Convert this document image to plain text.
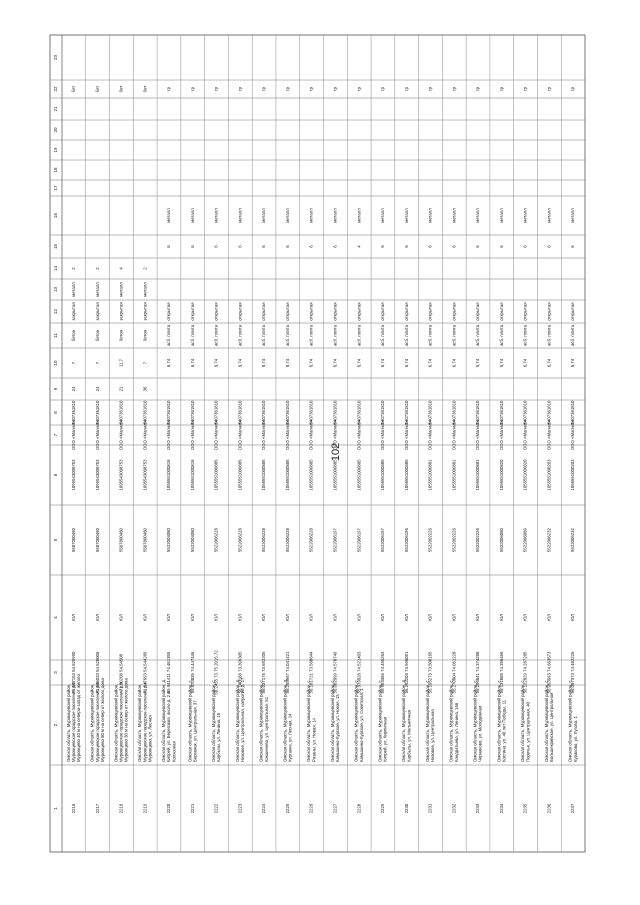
102
1
2
3
4
5
6
7
8
9
10
11
12
13
14
15
16
17
18
19
20
21
22
23
2216
Омская область, Муромцевский район, Муромцевское городское поселение р.п. Муромцево 40 м на северо-запад от жилого
71.567153 54.625990
ЮЛ
5507000460
1095543008753
ООО «Магнит»
5407361810
24
7
бетон
закрытая
металл
2
бет
2217
Омская область, Муромцевский район, Муромцевское городское поселение р.п. Муромцево 80 м на север от жилого дома
71.566033 54.528006
ЮЛ
5507000460
1095543008753
ООО «Магнит»
5407361810
24
7
бетон
закрытая
металл
2
бет
2218
Омская область, Муромцевский район, Муромцевское городское поселение р.п. Муромцево 30 м на север от жилого дома
71.56208 54.54508
ЮЛ
5507000460
1095543008753
ООО «Магнит»
5407361810
21
11,7
бетон
закрытая
металл
4
бет
2219
Омская область, Муромцевский район, Муромцевское городское поселение р.п. Муромцево, ул. Лесная
71.547693 54.544289
ЮЛ
5507000460
1095543008753
ООО «Магнит»
5407361810
36
7
бетон
закрытая
металл
2
бет
2220
Омская область, Муромцевский район, д. Кипрей, ул. Береговая, около д. 2 и Колхозная
55.941411 74.461355
ЮЛ
5522004080
1055551000818
ООО «Магнит»
5407361810
6,74
асб. плита
открытая
6
металл
гр
2221
Омская область, Муромцевский район, с. Бергамак, ул. Центральная, 37
55.870835 74.447446
ЮЛ
5522004080
1055551000818
ООО «Магнит»
5407361810
6,74
асб. плита
открытая
6
металл
гр
2222
Омская область, Муромцевский район, с. Карбызы, ул. Ленина, 15
56.2455 73.75 2015.72
ЮЛ
5522006228
1055551000885
ООО «Магнит»
5407361810
6,74
асб. плита
открытая
6
металл
гр
2223
Омская область, Муромцевский район, д. Низовое, ул. Центральная, напротив д. 17
56.140188 73.399305
ЮЛ
5522006228
1055551000885
ООО «Магнит»
5407361810
6,74
асб. плита
открытая
6
металл
гр
2224
Омская область, Муромцевский район, с. Кокшенево, ул. Центральная, 51
56.037175 73.692205
ЮЛ
5522006228
1055551000885
ООО «Магнит»
5407361810
6,74
асб. плита
открытая
6
металл
гр
2225
Омская область, Муромцевский район, д. Курганка, ул. Лесная, 14
56.253967 74.041421
ЮЛ
5522006228
1055551000885
ООО «Магнит»
5407361810
6,74
асб. плита
открытая
6
металл
гр
2226
Омская область, Муромцевский район, с. Рязаны, ул. Новая, 1А
56.181721 73.560644
ЮЛ
5522006228
1055551000885
ООО «Магнит»
5407361810
6,74
асб. плита
открытая
6
металл
гр
2227
Омская область, Муромцевский район, с. Камышино-Курское, ул. Новая, 15
56.082099 74.570749
ЮЛ
5522006197
1055551000885
ООО «Магнит»
5407361810
6,74
асб. плита
открытая
6
металл
гр
2228
Омская область, Муромцевский район, с. Камышино-Курское, ул. Советская, 1
55.979028 74.521403
ЮЛ
5522006197
1055551000885
ООО «Магнит»
5407361810
6,74
асб. плита
открытая
4
металл
гр
2229
Омская область, Муромцевский район, с. Кипрей, ул. Кирпичная
55.993465 74.455263
ЮЛ
5522006197
1055551000885
ООО «Магнит»
5407361810
6,74
асб. плита
открытая
6
металл
гр
2230
Омская область, Муромцевский район, д. Карбызы, ул. Мельничная
56.263203 73.596091
ЮЛ
5522006196
1055551000885
ООО «Магнит»
5407361810
6,74
асб. плита
открытая
6
металл
гр
2231
Омская область, Муромцевский район, с. Низовое, ул. Центральная
56.195273 73.500165
ЮЛ
5522002226
1055551000881
ООО «Магнит»
5407361810
6,74
асб. плита
открытая
6
металл
гр
2232
Омская область, Муромцевский район, с. Кондратьево, ул. Ленина, 166
56.270804 74.061228
ЮЛ
5522002226
1055551000881
ООО «Магнит»
5407361810
6,74
асб. плита
открытая
6
металл
гр
2233
Омская область, Муромцевский район, с. Чернаково, ул. Молодежная
56.296641 74.374288
ЮЛ
5522002226
1055551000881
ООО «Магнит»
5407361810
6,74
асб. плита
открытая
6
металл
гр
2234
Омская область, Муромцевский район, с. Костино, ул. 40 лет Победы, 11
56.131685 74.396456
ЮЛ
5522006080
1055551000820
ООО «Магнит»
5407361810
6,74
асб. плита
открытая
6
металл
гр
2235
Омская область, Муромцевский район, с. Поречье, ул. Центральная, 40
56.122829 74.287285
ЮЛ
5522006089
1055551000820
ООО «Магнит»
5407361810
6,74
асб. плита
открытая
6
металл
гр
2236
Омская область, Муромцевский район, с. Большекривское, ул. Центральная
56.063993 74.663573
ЮЛ
5522006232
1055551000203
ООО «Магнит»
5407361810
6,74
асб. плита
открытая
6
металл
гр
2237
Омская область, Муромцевский район, с. Кураково, ул. Лугова, 1
56.087373 74.482226
ЮЛ
5522006232
1055551000203
ООО «Магнит»
5407361810
6,74
асб. плита
открытая
6
металл
гр
